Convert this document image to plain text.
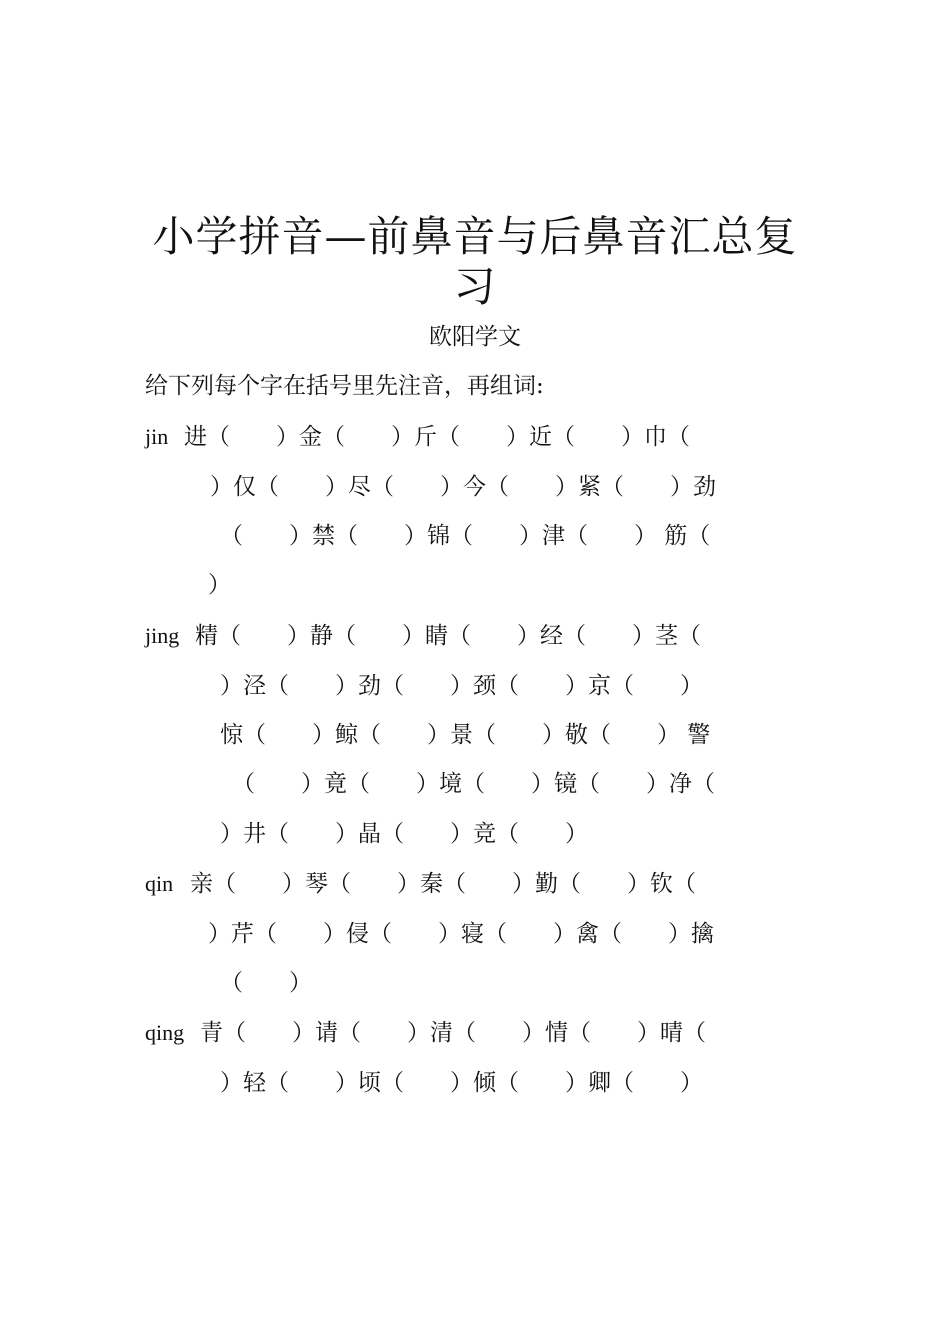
小学拼音—前鼻音与后鼻音汇总复
习
欧阳学文
给下列每个字在括号里先注音，再组词:
jin 进（　　）金（　　）斤（　　）近（　　）巾（
）仅（　　）尽（　　）今（　　）紧（　　）劲
（　　）禁（　　）锦（　　）津（　　） 筋（
）
jing 精（　　）静（　　）睛（　　）经（　　）茎（
）泾（　　）劲（　　）颈（　　）京（　　）
惊（　　）鲸（　　）景（　　）敬（　　） 警
（　　）竟（　　）境（　　）镜（　　）净（
）井（　　）晶（　　）竞（　　）
qin 亲（　　）琴（　　）秦（　　）勤（　　）钦（
）芹（　　）侵（　　）寝（　　）禽（　　）擒
（　　）
qing 青（　　）请（　　）清（　　）情（　　）晴（
）轻（　　）顷（　　）倾（　　）卿（　　）
